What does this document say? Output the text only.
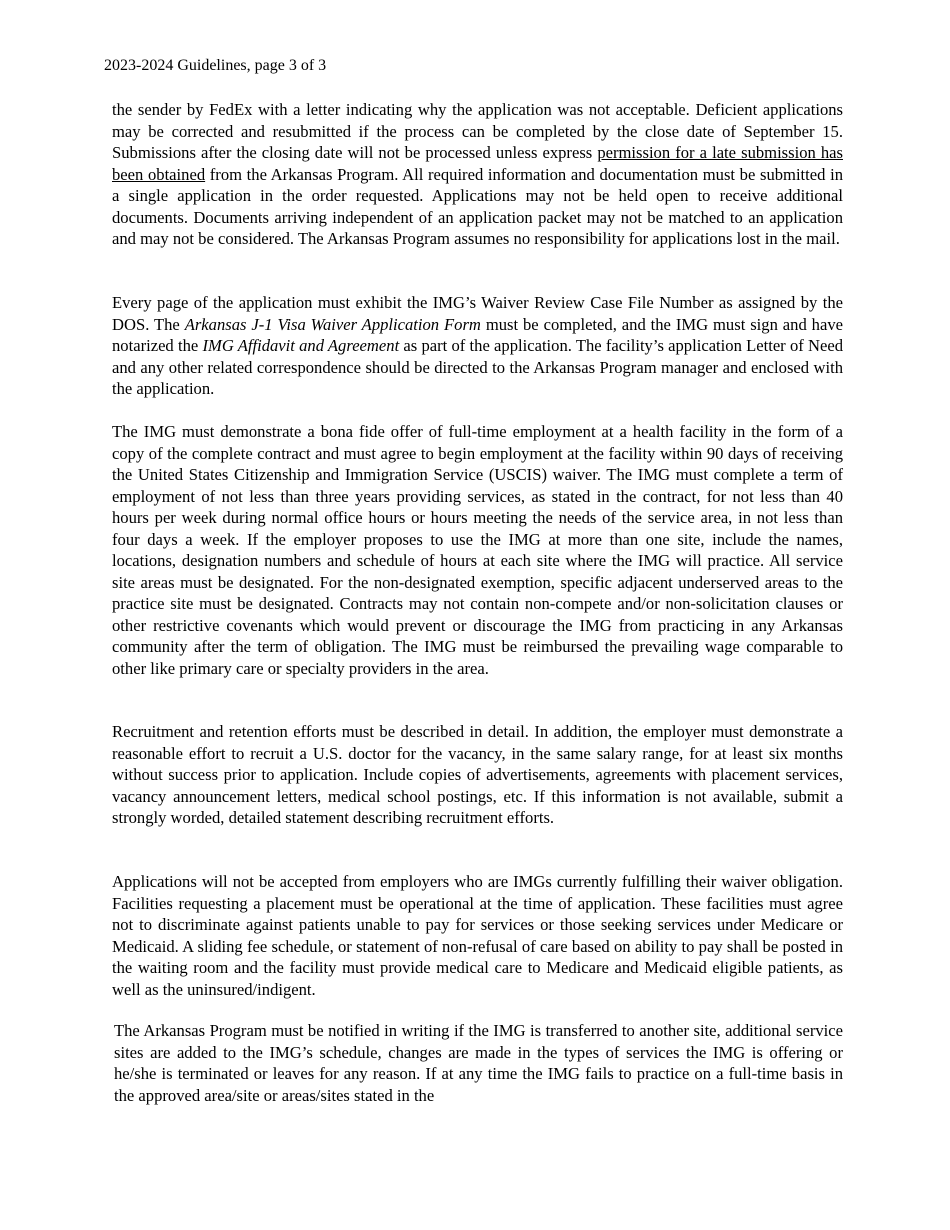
2023-2024 Guidelines, page 3 of 3

the sender by FedEx with a letter indicating why the application was not acceptable. Deficient applications may be corrected and resubmitted if the process can be completed by the close date of September 15. Submissions after the closing date will not be processed unless express permission for a late submission has been obtained from the Arkansas Program. All required information and documentation must be submitted in a single application in the order requested. Applications may not be held open to receive additional documents. Documents arriving independent of an application packet may not be matched to an application and may not be considered. The Arkansas Program assumes no responsibility for applications lost in the mail.

Every page of the application must exhibit the IMG’s Waiver Review Case File Number as assigned by the DOS. The Arkansas J-1 Visa Waiver Application Form must be completed, and the IMG must sign and have notarized the IMG Affidavit and Agreement as part of the application. The facility’s application Letter of Need and any other related correspondence should be directed to the Arkansas Program manager and enclosed with the application.

The IMG must demonstrate a bona fide offer of full-time employment at a health facility in the form of a copy of the complete contract and must agree to begin employment at the facility within 90 days of receiving the United States Citizenship and Immigration Service (USCIS) waiver. The IMG must complete a term of employment of not less than three years providing services, as stated in the contract, for not less than 40 hours per week during normal office hours or hours meeting the needs of the service area, in not less than four days a week. If the employer proposes to use the IMG at more than one site, include the names, locations, designation numbers and schedule of hours at each site where the IMG will practice. All service site areas must be designated. For the non-designated exemption, specific adjacent underserved areas to the practice site must be designated. Contracts may not contain non-compete and/or non-solicitation clauses or other restrictive covenants which would prevent or discourage the IMG from practicing in any Arkansas community after the term of obligation. The IMG must be reimbursed the prevailing wage comparable to other like primary care or specialty providers in the area.

Recruitment and retention efforts must be described in detail. In addition, the employer must demonstrate a reasonable effort to recruit a U.S. doctor for the vacancy, in the same salary range, for at least six months without success prior to application. Include copies of advertisements, agreements with placement services, vacancy announcement letters, medical school postings, etc. If this information is not available, submit a strongly worded, detailed statement describing recruitment efforts.

Applications will not be accepted from employers who are IMGs currently fulfilling their waiver obligation. Facilities requesting a placement must be operational at the time of application. These facilities must agree not to discriminate against patients unable to pay for services or those seeking services under Medicare or Medicaid. A sliding fee schedule, or statement of non-refusal of care based on ability to pay shall be posted in the waiting room and the facility must provide medical care to Medicare and Medicaid eligible patients, as well as the uninsured/indigent.

The Arkansas Program must be notified in writing if the IMG is transferred to another site, additional service sites are added to the IMG’s schedule, changes are made in the types of services the IMG is offering or he/she is terminated or leaves for any reason. If at any time the IMG fails to practice on a full-time basis in the approved area/site or areas/sites stated in the
